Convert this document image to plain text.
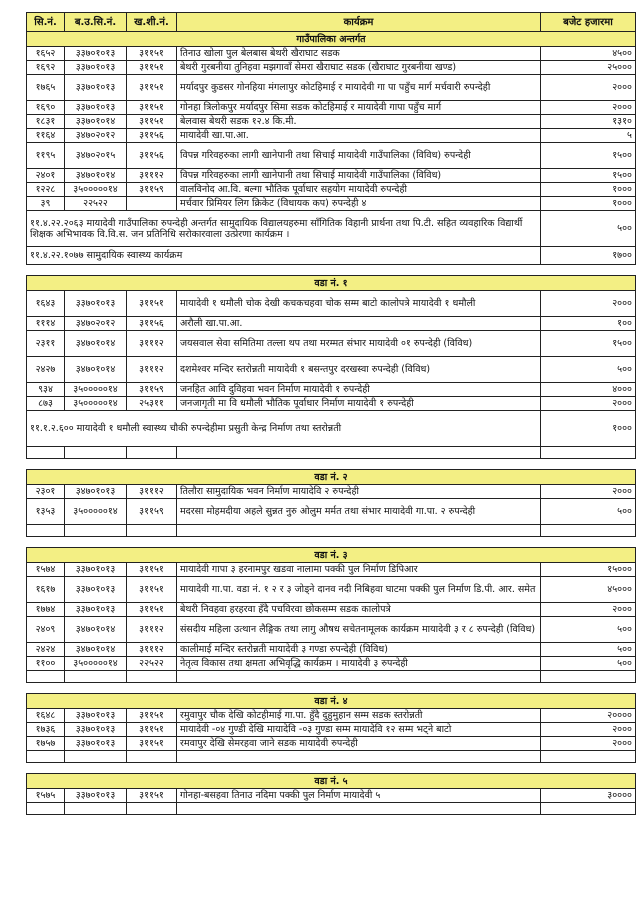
सि.नं.	ब.उ.सि.नं.	ख.शी.नं.	कार्यक्रम	बजेट हजारमा
गाउँपालिका अन्तर्गत				
१६५२	३३७०१०१३	३११५१	तिनाउ खोला पुल बेलबास बेथरी खैराघाट सडक	४५००
१६९२	३३७०१०१३	३११५१	बेथरी गुरबनीया तुनिहवा मझगावाँ सेमरा खैराघाट सडक (खैराघाट गुरबनीया खण्ड)	२५०००
१७६५	३३७०१०१३	३११५१	मर्यादपुर कुडसर गोनहिया मंगलापुर कोटहिमाई र मायादेवी गा पा पहुँच मार्ग मर्चवारी रुपन्देही	२०००
१६९०	३३७०१०१३	३११५१	गोनहा त्रिलोकपुर मर्यादपुर सिमा सडक कोटहिमाई र मायादेवी गापा पहुँच मार्ग	२०००
१८३१	३३७०१०१४	३११५१	बेलवास बेथरी सडक १२.४ कि.मी.	१३१०
११६४	३४७०२०१२	३११५६	मायादेवी खा.पा.आ.	५
११९५	३४७०२०१५	३११५६	विपन्न गरिवहरुका लागी खानेपानी तथा सिचाई मायादेवी गाउँपालिका (विविध) रुपन्देही	१५००
२४०१	३४७०१०१४	३१११२	विपन्न गरिवहरुका लागी खानेपानी तथा सिचाई मायादेवी गाउँपालिका (विविध)	१५००
१२२८	३५०००००१४	३११५९	वालविनोद आ.वि. बल्गा भौतिक पूर्वाधार सहयोग मायादेवी रुपन्देही	१०००
३९	२२५२२		मर्चवार प्रिमियर लिग क्रिकेट (विधायक कप) रुपन्देही ४	१०००
११.४.२२.२०६३ मायादेवी गाउँपालिका रुपन्देही अन्तर्गत सामुदायिक विद्यालयहरुमा साँगितिक विहानी प्रार्थना तथा पि.टी. सहित व्यवहारिक विद्यार्थी शिक्षक अभिभावक वि.वि.स. जन प्रतिनिधि सरोकारवाला उत्प्रेरणा कार्यक्रम ।				५००
११.४.२२.१०७७ सामुदायिक स्वास्थ्य कार्यक्रम				१७००

वडा नं. १				
१६४३	३३७०१०१३	३११५१	मायादेवी १ धमौली चोक देखी कचकचहवा चोक सम्म बाटो कालोपत्रे मायादेवी १ धमौली	२०००
१११४	३४७०२०१२	३११५६	अरौली खा.पा.आ.	१००
२३११	३४७०१०१४	३१११२	जयसवाल सेवा समितिमा तल्ला थप तथा मरम्मत संभार मायादेवी ०१ रुपन्देही (विविध)	१५००
२४२७	३४७०१०१४	३१११२	दशमेश्वर मन्दिर स्तरोन्नती मायादेवी १ बसन्तपुर दरखस्वा रुपन्देही (विविध)	५००
९३४	३५०००००१४	३११५९	जनहित आवि दुविहवा भवन निर्माण मायादेवी १ रुपन्देही	४०००
८७३	३५०००००१४	२५३११	जनजागृती मा वि धमौली भौतिक पूर्वाधार निर्माण मायादेवी १ रुपन्देही	२०००
११.१.२.६०० मायादेवी १ धमौली स्वास्थ्य चौकी रुपन्देहीमा प्रसुती केन्द्र निर्माण तथा स्तरोन्नती				१०००

वडा नं. २				
२३०१	३४७०१०१३	३१११२	तिलौरा सामुदायिक भवन निर्माण मायादेवि २ रुपन्देही	२०००
१३५३	३५०००००१४	३११५९	मदरसा मोहमदीया अहले सुन्नत नुरु ओलुम मर्मत तथा संभार मायादेवी गा.पा. २ रुपन्देही	५००

वडा नं. ३				
१५७४	३३७०१०१३	३११५१	मायादेवी गापा ३ हरनामपुर खडवा नालामा पक्की पुल निर्माण डिपिआर	१५०००
१६१७	३३७०१०१३	३११५१	मायादेवी गा.पा. वडा नं. १ २ र ३ जोड्ने दानव नदी निबिहवा घाटमा पक्की पुल निर्माण डि.पी. आर. समेत	४५०००
१७७४	३३७०१०१३	३११५१	बेथरी निवहवा हरहरवा हँदै पचविरवा छोकसम्म सडक कालोपत्रे	२०००
२४०९	३४७०१०१४	३१११२	संसदीय महिला उत्थान लैङ्गिक तथा लागु औषध सचेतनामूलक कार्यक्रम मायादेवी ३ र ८ रुपन्देही (विविध)	५००
२४२४	३४७०१०१४	३१११२	कालीमाई मन्दिर स्तरोन्नती मायादेवी ३ गण्डा रुपन्देही (विविध)	५००
११००	३५०००००१४	२२५२२	नेतृत्व विकास तथा क्षमता अभिवृद्धि कार्यक्रम । मायादेवी ३ रुपन्देही	५००

वडा नं. ४				
१६४८	३३७०१०१३	३११५१	रमुवापुर चौक देखि कोटहीमाई गा.पा. हुँदै दुहुमुहान सम्म सडक स्तरोन्नती	२००००
१७३६	३३७०१०१३	३११५१	मायादेवी -०४ गुण्डी देखि मायादेवि -०३ गुण्डा सम्म मायादेवि १२ सम्म भट्ने बाटो	२०००
१७५७	३३७०१०१३	३११५१	रमवापुर देखि सेमरहवा जाने सडक मायादेवी रुपन्देही	२०००

वडा नं. ५				
१५७५	३३७०१०१३	३११५१	गोनहा-बसहवा तिनाउ नदिमा पक्की पुल निर्माण मायादेवी ५	३००००
